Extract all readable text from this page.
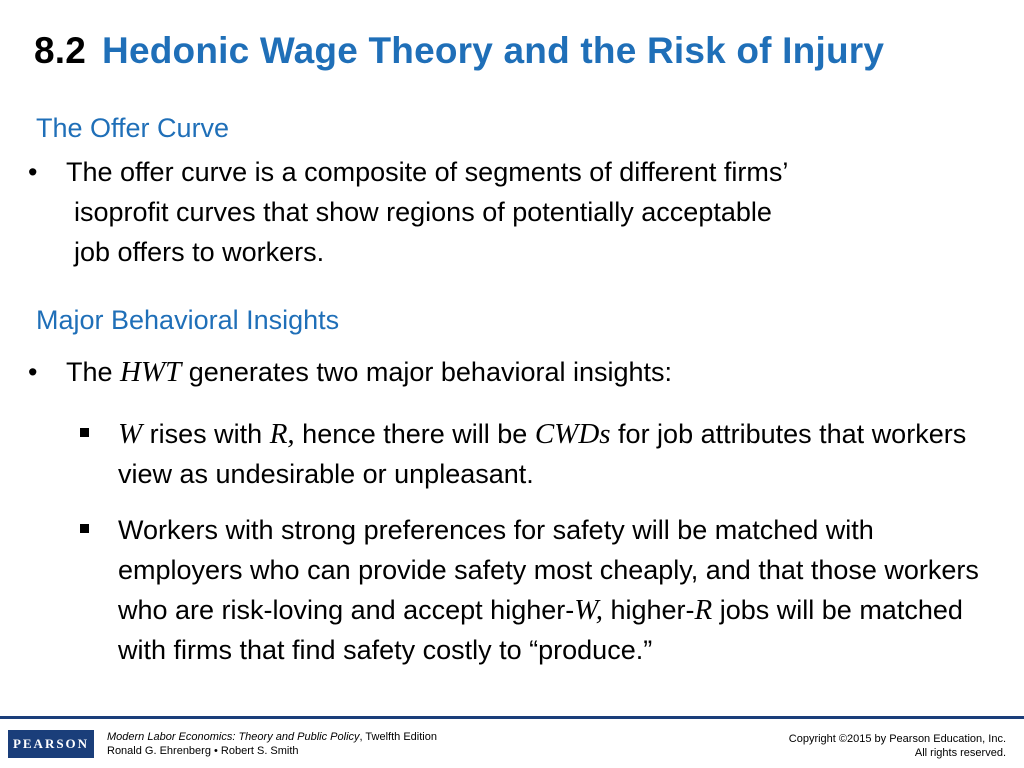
8.2 Hedonic Wage Theory and the Risk of Injury
The Offer Curve
• The offer curve is a composite of segments of different firms’
isoprofit curves that show regions of potentially acceptable
job offers to workers.
Major Behavioral Insights
• The HWT generates two major behavioral insights:
W rises with R, hence there will be CWDs for job attributes that workers view as undesirable or unpleasant.
Workers with strong preferences for safety will be matched with employers who can provide safety most cheaply, and that those workers who are risk-loving and accept higher-W, higher-R jobs will be matched with firms that find safety costly to “produce.”
PEARSON	Modern Labor Economics: Theory and Public Policy, Twelfth Edition
Ronald G. Ehrenberg • Robert S. Smith
Copyright ©2015 by Pearson Education, Inc.
All rights reserved.
